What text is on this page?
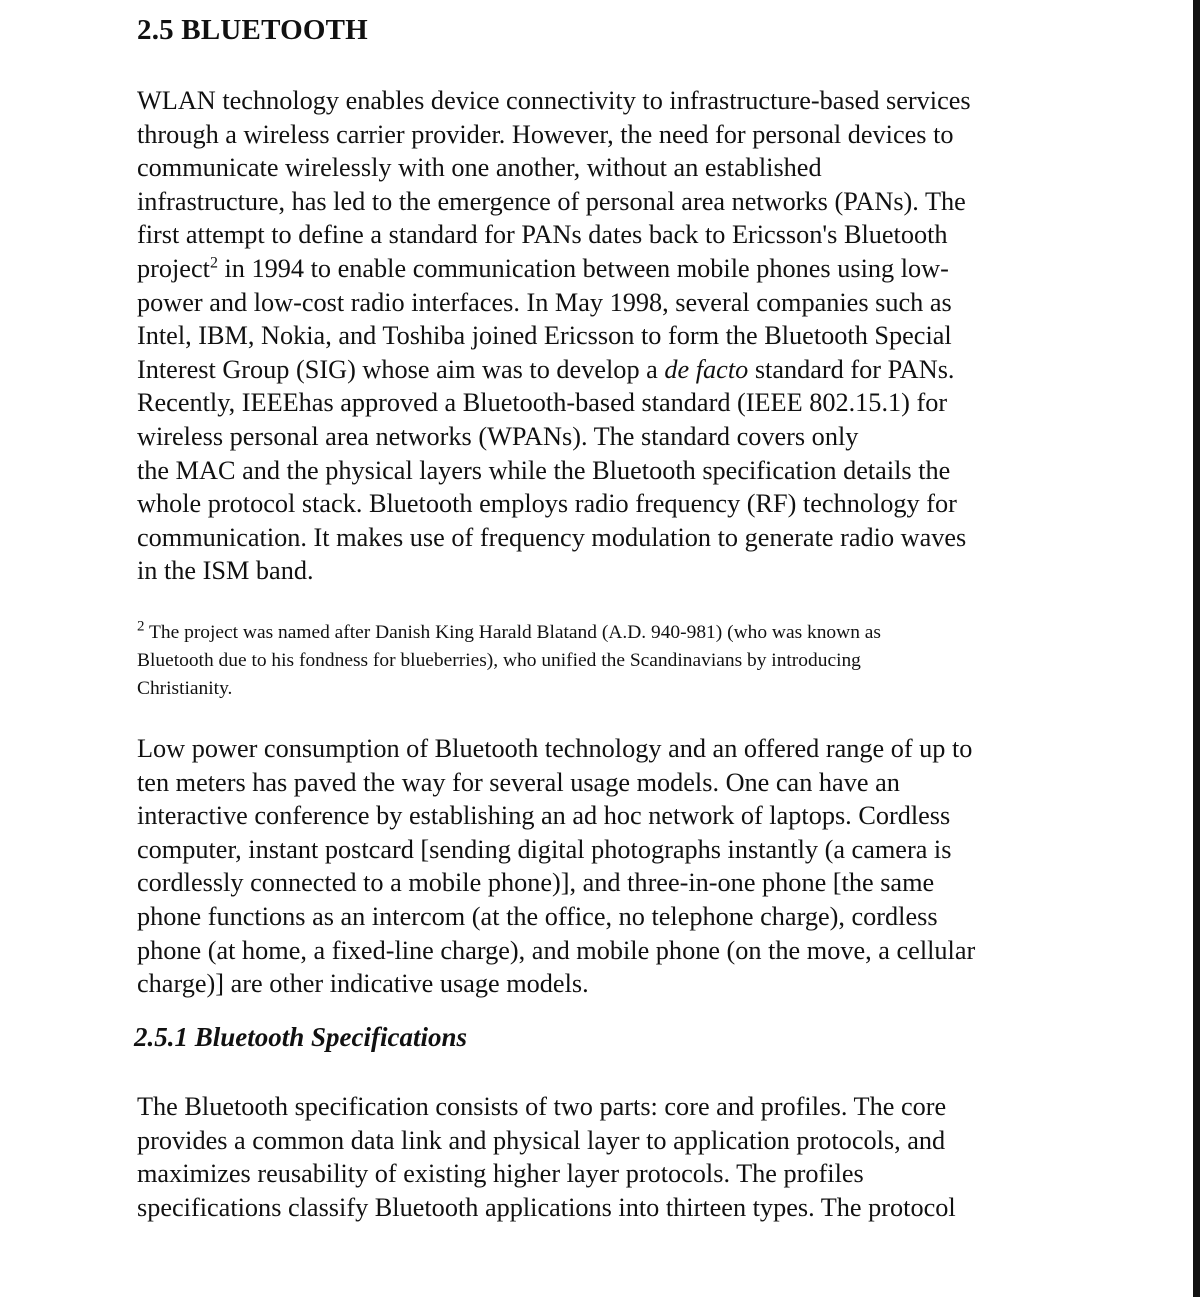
2.5 BLUETOOTH
WLAN technology enables device connectivity to infrastructure-based services
through a wireless carrier provider. However, the need for personal devices to
communicate wirelessly with one another, without an established
infrastructure, has led to the emergence of personal area networks (PANs). The
first attempt to define a standard for PANs dates back to Ericsson's Bluetooth
project$^2$ in 1994 to enable communication between mobile phones using low-
power and low-cost radio interfaces. In May 1998, several companies such as
Intel, IBM, Nokia, and Toshiba joined Ericsson to form the Bluetooth Special
Interest Group (SIG) whose aim was to develop a de facto standard for PANs.
Recently, IEEEhas approved a Bluetooth-based standard (IEEE 802.15.1) for
wireless personal area networks (WPANs). The standard covers only
the MAC and the physical layers while the Bluetooth specification details the
whole protocol stack. Bluetooth employs radio frequency (RF) technology for
communication. It makes use of frequency modulation to generate radio waves
in the ISM band.
$^2$ The project was named after Danish King Harald Blatand (A.D. 940-981) (who was known as
Bluetooth due to his fondness for blueberries), who unified the Scandinavians by introducing
Christianity.
Low power consumption of Bluetooth technology and an offered range of up to
ten meters has paved the way for several usage models. One can have an
interactive conference by establishing an ad hoc network of laptops. Cordless
computer, instant postcard [sending digital photographs instantly (a camera is
cordlessly connected to a mobile phone)], and three-in-one phone [the same
phone functions as an intercom (at the office, no telephone charge), cordless
phone (at home, a fixed-line charge), and mobile phone (on the move, a cellular
charge)] are other indicative usage models.
2.5.1 Bluetooth Specifications
The Bluetooth specification consists of two parts: core and profiles. The core
provides a common data link and physical layer to application protocols, and
maximizes reusability of existing higher layer protocols. The profiles
specifications classify Bluetooth applications into thirteen types. The protocol
